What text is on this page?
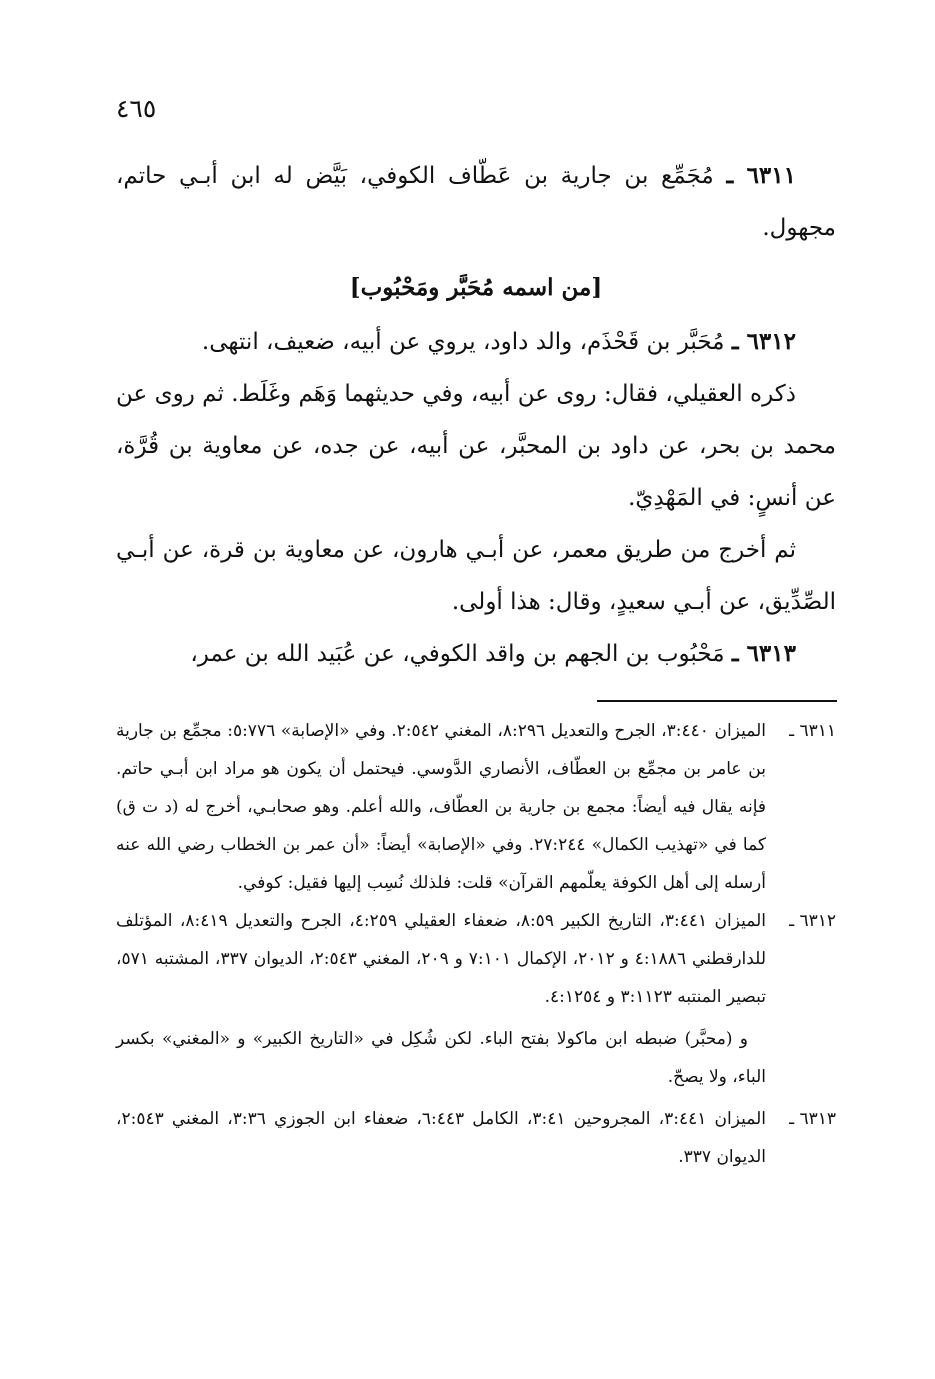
٤٦٥

٦٣١١ ـ مُجَمِّع بن جارية بن عَطّاف الكوفي، بَيَّض له ابن أبـي حاتم، مجهول.

[من اسمه مُحَبَّر ومَحْبُوب]

٦٣١٢ ـ مُحَبَّر بن قَحْذَم، والد داود، يروي عن أبيه، ضعيف، انتهى.

ذكره العقيلي، فقال: روى عن أبيه، وفي حديثهما وَهَم وغَلَط. ثم روى عن محمد بن بحر، عن داود بن المحبَّر، عن أبيه، عن جده، عن معاوية بن قُرَّة، عن أنسٍ: في المَهْدِيّ.

ثم أخرج من طريق معمر، عن أبـي هارون، عن معاوية بن قرة، عن أبـي الصِّدِّيق، عن أبـي سعيدٍ، وقال: هذا أولى.

٦٣١٣ ـ مَحْبُوب بن الجهم بن واقد الكوفي، عن عُبَيد الله بن عمر،

٦٣١١ ـ
الميزان ٣:٤٤٠، الجرح والتعديل ٨:٢٩٦، المغني ٢:٥٤٢. وفي «الإصابة» ٥:٧٧٦: مجمِّع بن جارية بن عامر بن مجمِّع بن العطّاف، الأنصاري الدَّوسي. فيحتمل أن يكون هو مراد ابن أبـي حاتم. فإنه يقال فيه أيضاً: مجمع بن جارية بن العطّاف، والله أعلم. وهو صحابـي، أخرج له (د ت ق) كما في «تهذيب الكمال» ٢٧:٢٤٤. وفي «الإصابة» أيضاً: «أن عمر بن الخطاب رضي الله عنه أرسله إلى أهل الكوفة يعلّمهم القرآن» قلت: فلذلك نُسِب إليها فقيل: كوفي.
٦٣١٢ ـ
الميزان ٣:٤٤١، التاريخ الكبير ٨:٥٩، ضعفاء العقيلي ٤:٢٥٩، الجرح والتعديل ٨:٤١٩، المؤتلف للدارقطني ٤:١٨٨٦ و ٢٠١٢، الإكمال ٧:١٠١ و ٢٠٩، المغني ٢:٥٤٣، الديوان ٣٣٧، المشتبه ٥٧١، تبصير المنتبه ٣:١١٢٣ و ٤:١٢٥٤.

و (محبَّر) ضبطه ابن ماكولا بفتح الباء. لكن شُكِل في «التاريخ الكبير» و «المغني» بكسر الباء، ولا يصحّ.

٦٣١٣ ـ
الميزان ٣:٤٤١، المجروحين ٣:٤١، الكامل ٦:٤٤٣، ضعفاء ابن الجوزي ٣:٣٦، المغني ٢:٥٤٣، الديوان ٣٣٧.
